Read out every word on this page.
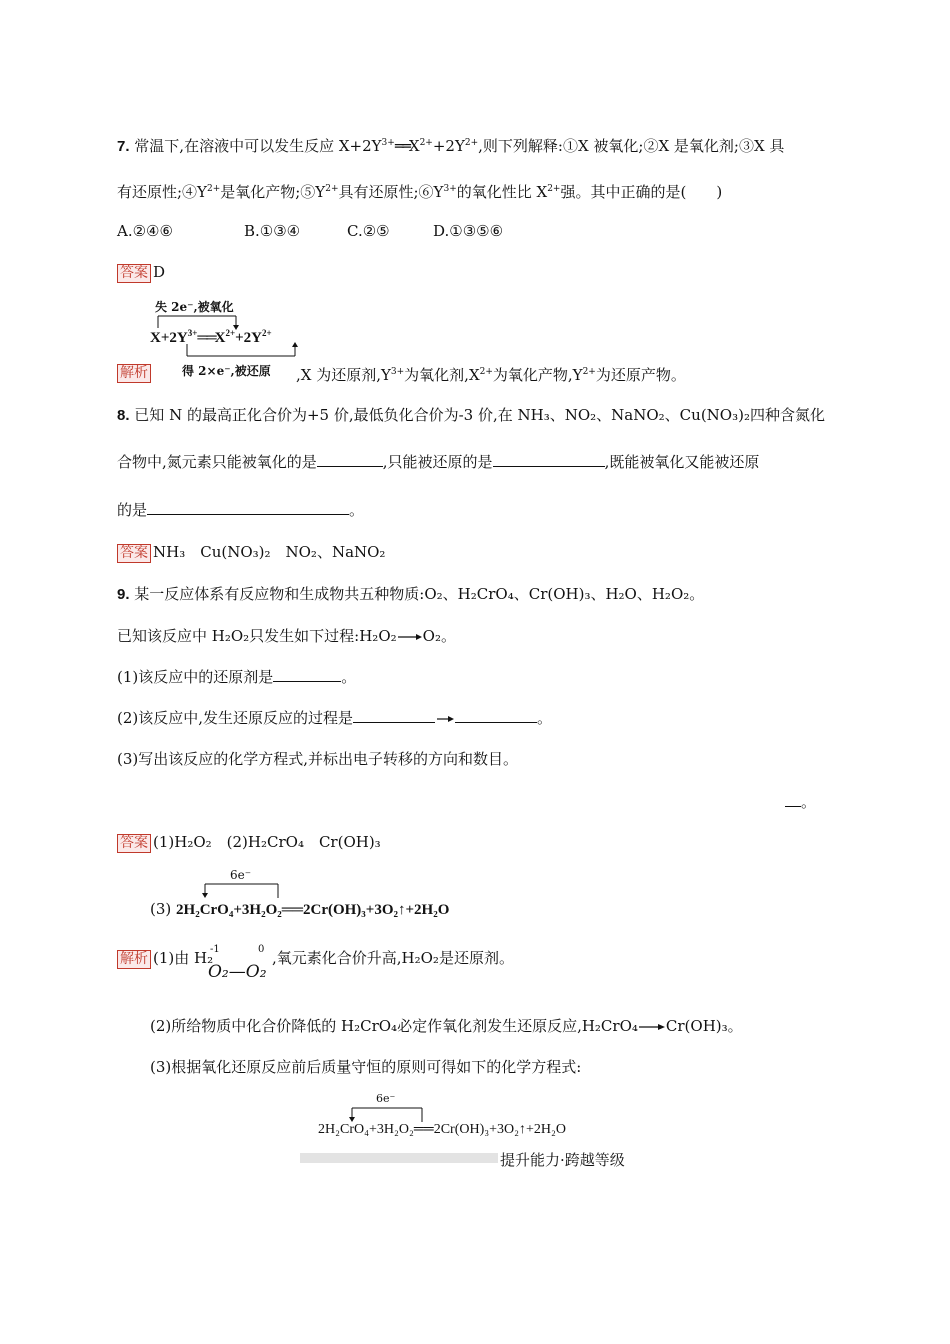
7. 常温下,在溶液中可以发生反应 $X+2Y^{3+}══X^{2+}+2Y^{2+}$,则下列解释:①X 被氧化;②X 是氧化剂;③X 具
有还原性$;④Y^{2+}$是氧化产物$;⑤Y^{2+}$具有还原性$;⑥Y^{3+}$的氧化性比 $X^{2+}$强。其中正确的是(　　)
A.②④⑥	B.①③④	C.②⑤	D.①③⑤⑥
答案 D
失 2e⁻,被氧化
$X+2Y^{3+}══X^{2+}+2Y^{2+}$
得 2×e⁻,被还原
解析	,X 为还原剂$,Y^{3+}$为氧化剂$,X^{2+}$为氧化产物$,Y^{2+}$为还原产物。
8. 已知 N 的最高正化合价为+5 价,最低负化合价为-3 价,在 NH₃、NO₂、NaNO₂、Cu(NO₃)₂四种含氮化
合物中,氮元素只能被氧化的是	,只能被还原的是	,既能被氧化又能被还原
的是	。
答案 NH₃　Cu(NO₃)₂　NO₂、NaNO₂
9. 某一反应体系有反应物和生成物共五种物质:O₂、H₂CrO₄、Cr(OH)₃、H₂O、H₂O₂。
已知该反应中 H₂O₂只发生如下过程:H₂O₂ O₂。
(1)该反应中的还原剂是	。
(2)该反应中,发生还原反应的过程是	。
(3)写出该反应的化学方程式,并标出电子转移的方向和数目。
。
答案 (1)H₂O₂　(2)H₂CrO₄　Cr(OH)₃
6e⁻
(3) 2H₂CrO₄+3H₂O₂══2Cr(OH)₃+3O₂↑+2H₂O
解析 (1)由 H₂
-1	0
O₂—O₂
,氧元素化合价升高,H₂O₂是还原剂。
(2)所给物质中化合价降低的 H₂CrO₄必定作氧化剂发生还原反应,H₂CrO₄ Cr(OH)₃。
(3)根据氧化还原反应前后质量守恒的原则可得如下的化学方程式:
6e⁻
2H₂CrO₄+3H₂O₂══2Cr(OH)₃+3O₂↑+2H₂O
提升能力·跨越等级
